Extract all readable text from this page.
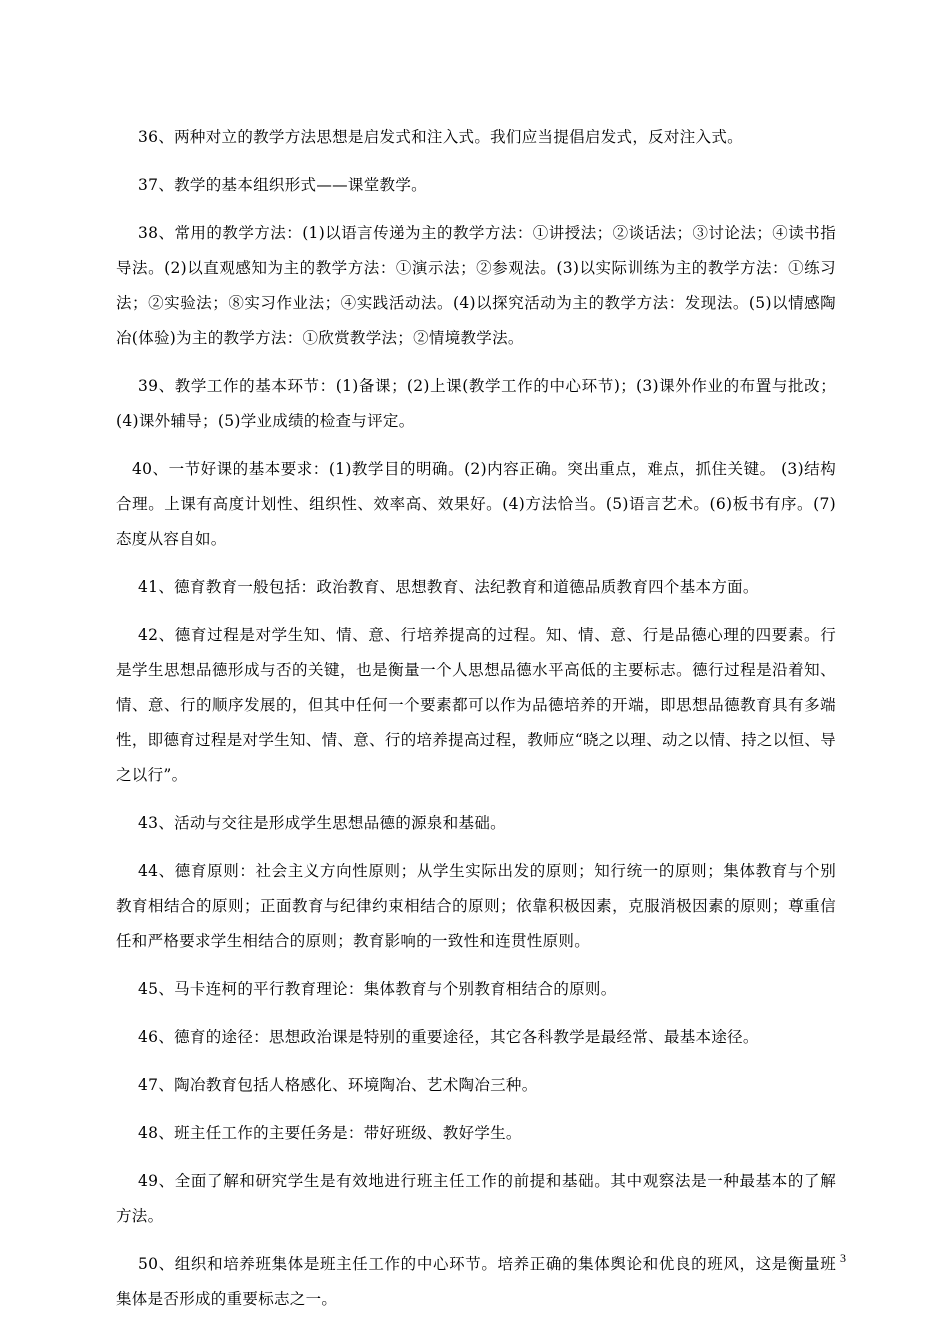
36、两种对立的教学方法思想是启发式和注入式。我们应当提倡启发式，反对注入式。

37、教学的基本组织形式——课堂教学。

38、常用的教学方法：(1)以语言传递为主的教学方法：①讲授法；②谈话法；③讨论法；④读书指导法。(2)以直观感知为主的教学方法：①演示法；②参观法。(3)以实际训练为主的教学方法：①练习法；②实验法；⑧实习作业法；④实践活动法。(4)以探究活动为主的教学方法：发现法。(5)以情感陶冶(体验)为主的教学方法：①欣赏教学法；②情境教学法。

39、教学工作的基本环节：(1)备课；(2)上课(教学工作的中心环节)；(3)课外作业的布置与批改；(4)课外辅导；(5)学业成绩的检查与评定。

40、一节好课的基本要求：(1)教学目的明确。(2)内容正确。突出重点，难点，抓住关键。 (3)结构合理。上课有高度计划性、组织性、效率高、效果好。(4)方法恰当。(5)语言艺术。(6)板书有序。(7)态度从容自如。

41、德育教育一般包括：政治教育、思想教育、法纪教育和道德品质教育四个基本方面。

42、德育过程是对学生知、情、意、行培养提高的过程。知、情、意、行是品德心理的四要素。行是学生思想品德形成与否的关键，也是衡量一个人思想品德水平高低的主要标志。德行过程是沿着知、情、意、行的顺序发展的，但其中任何一个要素都可以作为品德培养的开端，即思想品德教育具有多端性，即德育过程是对学生知、情、意、行的培养提高过程，教师应“晓之以理、动之以情、持之以恒、导之以行”。

43、活动与交往是形成学生思想品德的源泉和基础。

44、德育原则：社会主义方向性原则；从学生实际出发的原则；知行统一的原则；集体教育与个别教育相结合的原则；正面教育与纪律约束相结合的原则；依靠积极因素，克服消极因素的原则；尊重信任和严格要求学生相结合的原则；教育影响的一致性和连贯性原则。

45、马卡连柯的平行教育理论：集体教育与个别教育相结合的原则。

46、德育的途径：思想政治课是特别的重要途径，其它各科教学是最经常、最基本途径。

47、陶冶教育包括人格感化、环境陶冶、艺术陶冶三种。

48、班主任工作的主要任务是：带好班级、教好学生。

49、全面了解和研究学生是有效地进行班主任工作的前提和基础。其中观察法是一种最基本的了解方法。

50、组织和培养班集体是班主任工作的中心环节。培养正确的集体舆论和优良的班风，这是衡量班集体是否形成的重要标志之一。

3
